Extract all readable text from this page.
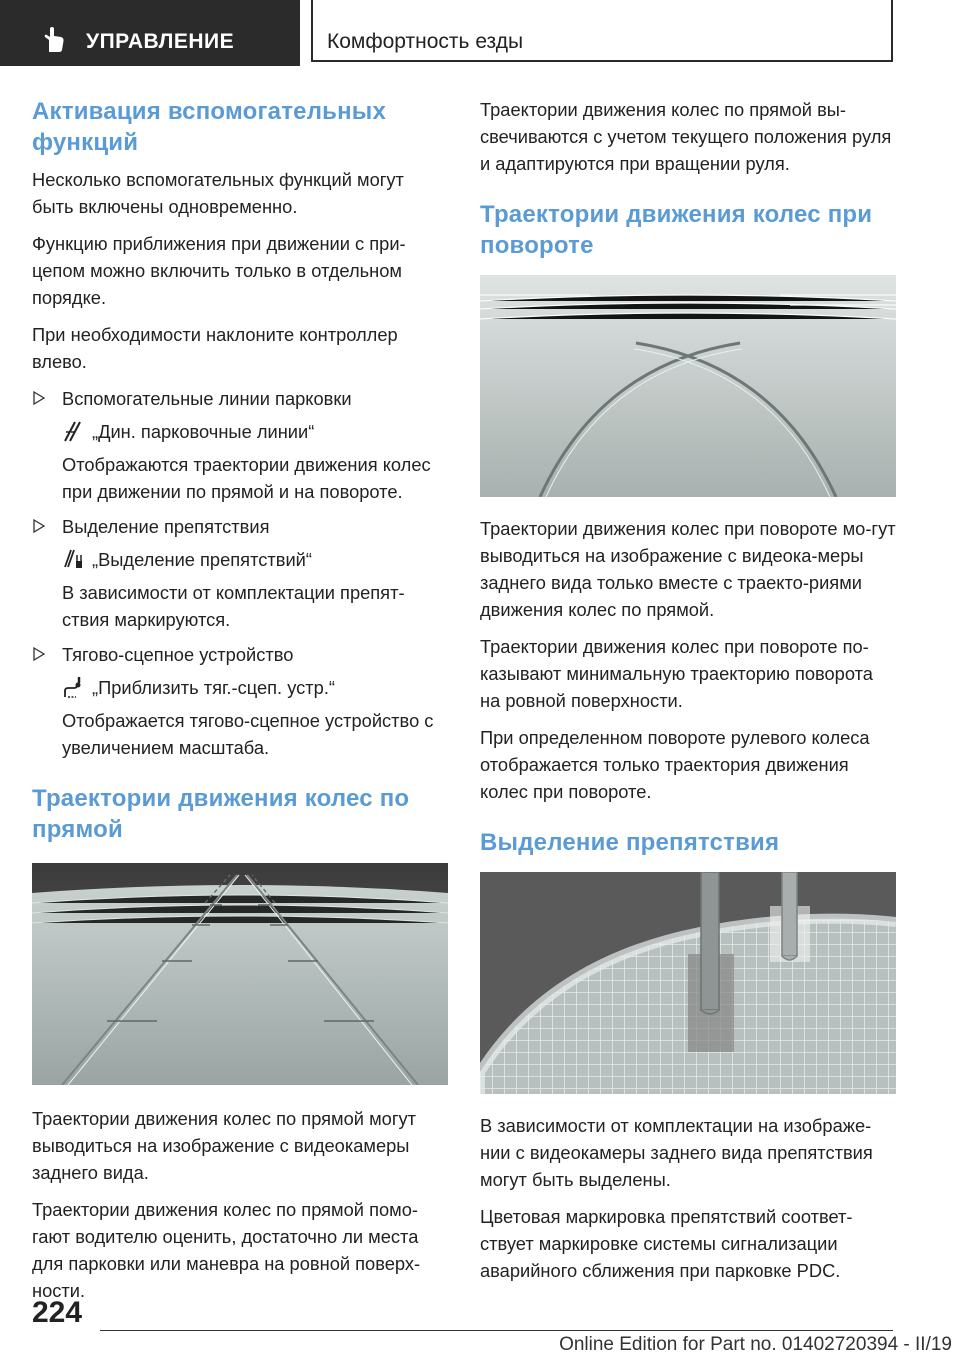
УПРАВЛЕНИЕ	Комфортность езды
Активация вспомогательных функций

Несколько вспомогательных функций могут быть включены одновременно.

Функцию приближения при движении с при-цепом можно включить только в отдельном порядке.

При необходимости наклоните контроллер влево.

Вспомогательные линии парковки

„Дин. парковочные линии“

Отображаются траектории движения колес при движении по прямой и на повороте.

Выделение препятствия

„Выделение препятствий“

В зависимости от комплектации препят-ствия маркируются.

Тягово-сцепное устройство

„Приблизить тяг.-сцеп. устр.“

Отображается тягово-сцепное устройство с увеличением масштаба.

Траектории движения колес по прямой

Траектории движения колес по прямой могут выводиться на изображение с видеокамеры заднего вида.

Траектории движения колес по прямой помо-гают водителю оценить, достаточно ли места для парковки или маневра на ровной поверх-ности.

Траектории движения колес по прямой вы-свечиваются с учетом текущего положения руля и адаптируются при вращении руля.

Траектории движения колес при повороте

Траектории движения колес при повороте мо-гут выводиться на изображение с видеока-меры заднего вида только вместе с траекто-риями движения колес по прямой.

Траектории движения колес при повороте по-казывают минимальную траекторию поворота на ровной поверхности.

При определенном повороте рулевого колеса отображается только траектория движения колес при повороте.

Выделение препятствия

В зависимости от комплектации на изображе-нии с видеокамеры заднего вида препятствия могут быть выделены.

Цветовая маркировка препятствий соответ-ствует маркировке системы сигнализации аварийного сближения при парковке PDC.

224
Online Edition for Part no. 01402720394 - II/19
